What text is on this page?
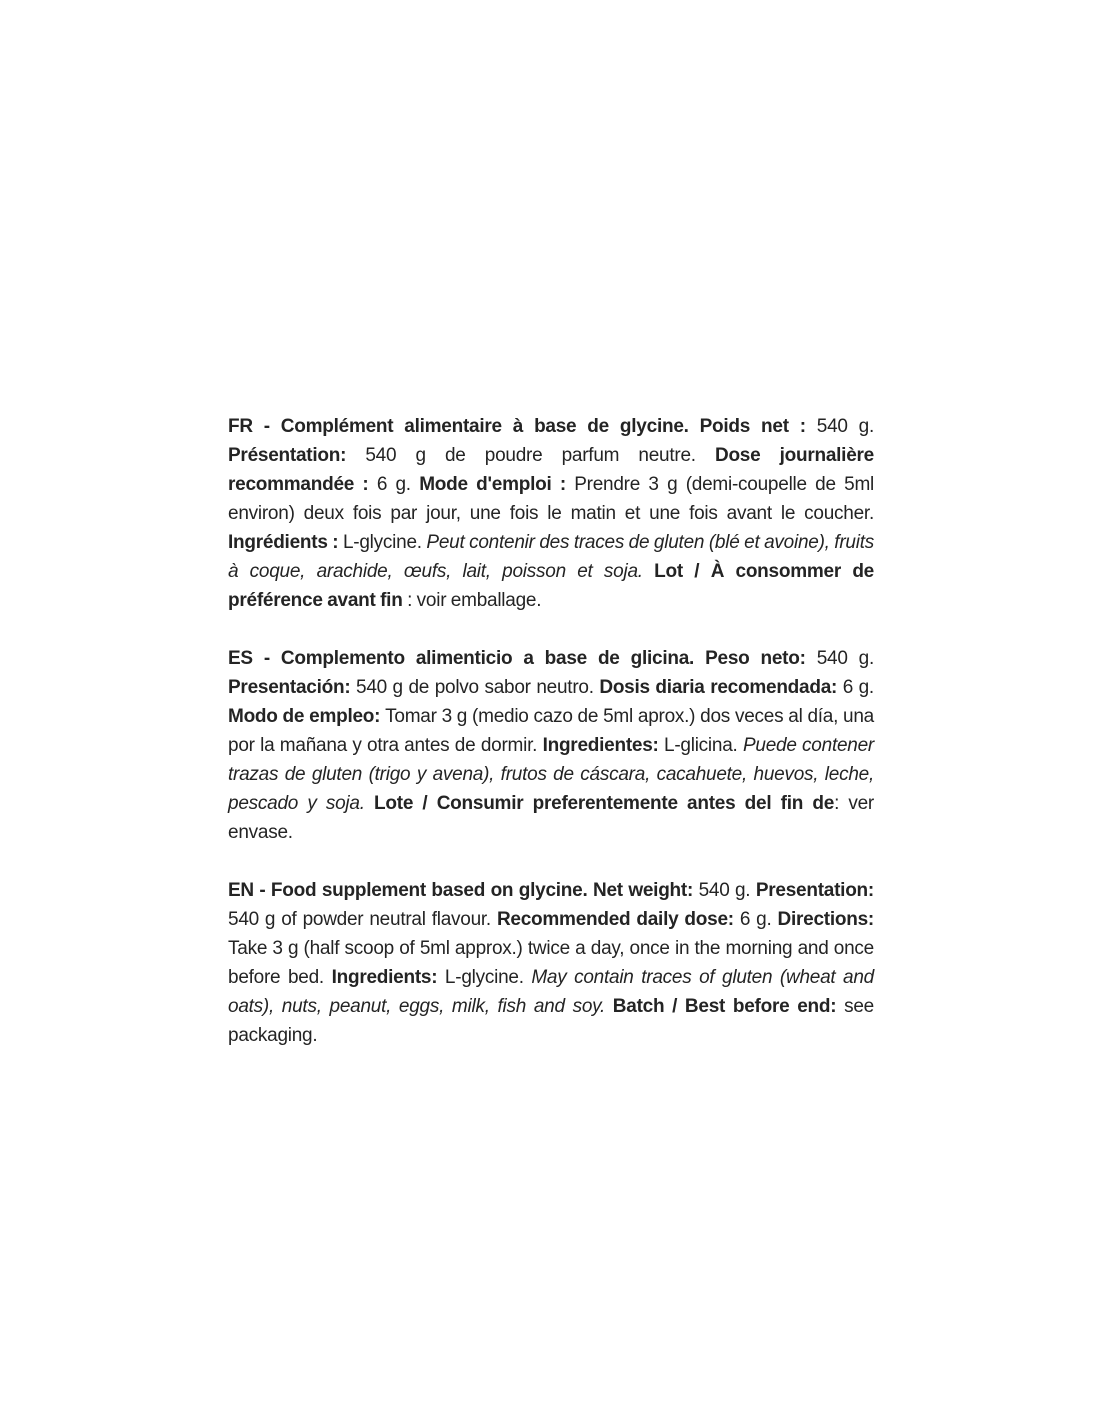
FR - Complément alimentaire à base de glycine. Poids net : 540 g. Présentation: 540 g de poudre parfum neutre. Dose journalière recommandée : 6 g. Mode d'emploi : Prendre 3 g (demi-coupelle de 5ml environ) deux fois par jour, une fois le matin et une fois avant le coucher. Ingrédients : L-glycine. Peut contenir des traces de gluten (blé et avoine), fruits à coque, arachide, œufs, lait, poisson et soja. Lot / À consommer de préférence avant fin : voir emballage.

ES - Complemento alimenticio a base de glicina. Peso neto: 540 g. Presentación: 540 g de polvo sabor neutro. Dosis diaria recomendada: 6 g. Modo de empleo: Tomar 3 g (medio cazo de 5ml aprox.) dos veces al día, una por la mañana y otra antes de dormir. Ingredientes: L-glicina. Puede contener trazas de gluten (trigo y avena), frutos de cáscara, cacahuete, huevos, leche, pescado y soja. Lote / Consumir preferentemente antes del fin de: ver envase.

EN - Food supplement based on glycine. Net weight: 540 g. Presentation: 540 g of powder neutral flavour. Recommended daily dose: 6 g. Directions: Take 3 g (half scoop of 5ml approx.) twice a day, once in the morning and once before bed. Ingredients: L-glycine. May contain traces of gluten (wheat and oats), nuts, peanut, eggs, milk, fish and soy. Batch / Best before end: see packaging.
